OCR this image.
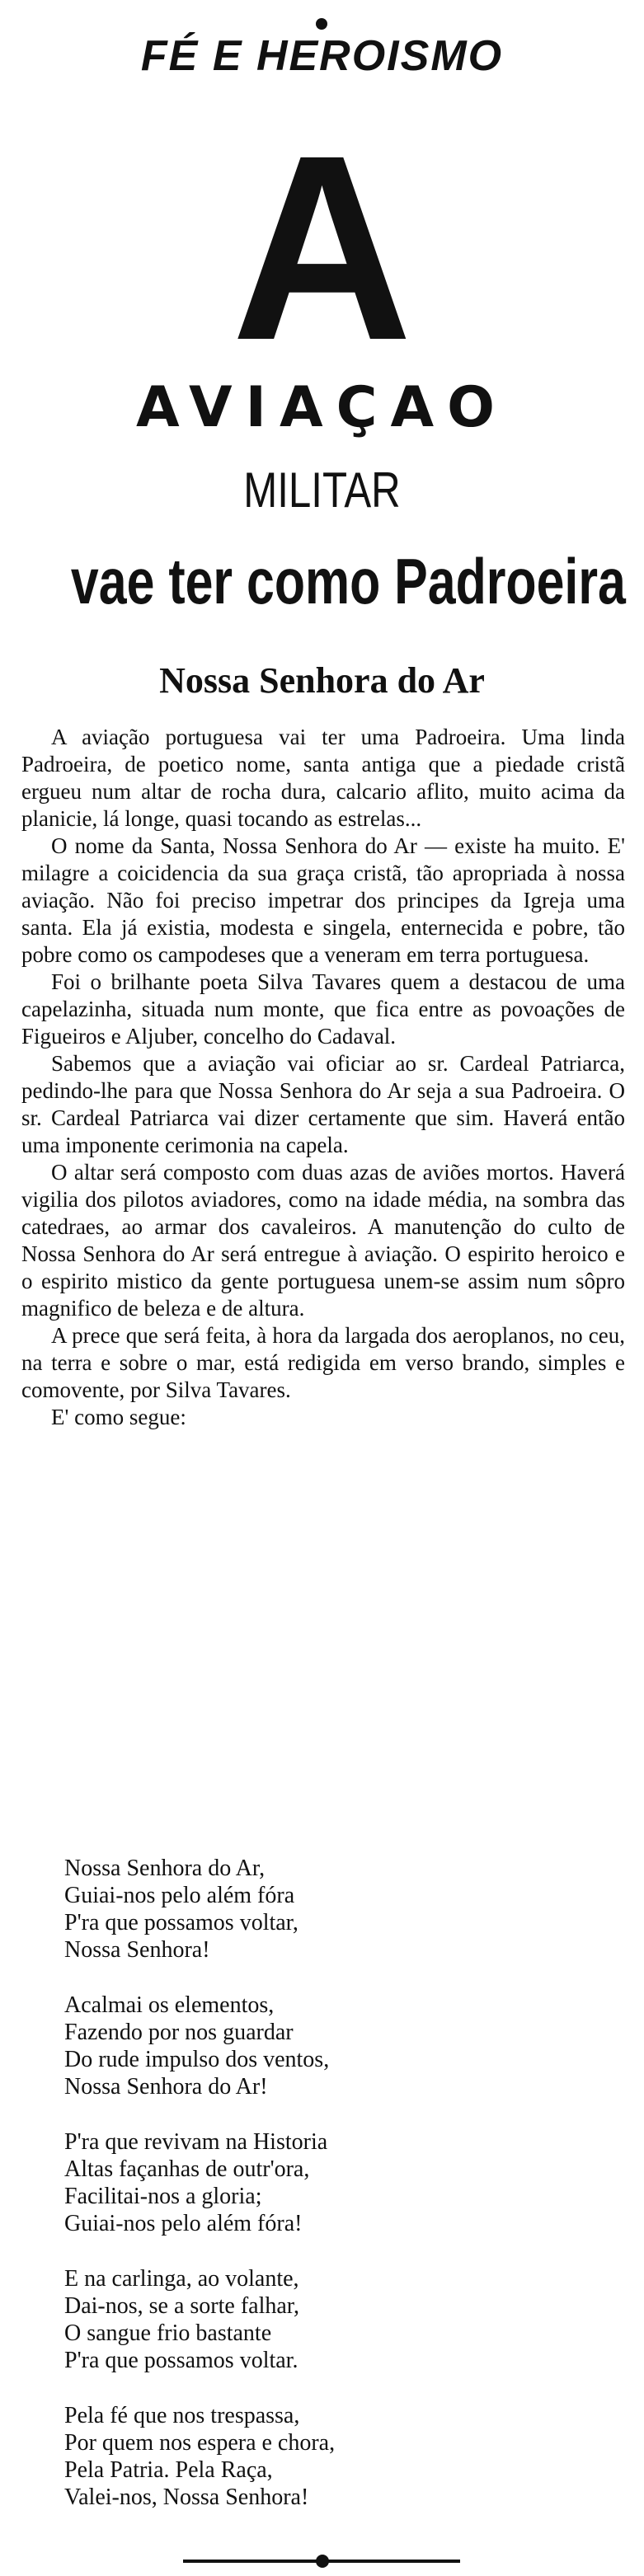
FÉ E HEROISMO
A
AVIAÇAO
MILITAR
vae ter como Padroeira
Nossa Senhora do Ar

A aviação portuguesa vai ter uma Padroeira. Uma linda Padroeira, de poetico nome, santa antiga que a piedade cristã ergueu num altar de rocha dura, calcario aflito, muito acima da planicie, lá longe, quasi tocando as estrelas...

O nome da Santa, Nossa Senhora do Ar — existe ha muito. E' milagre a coicidencia da sua graça cristã, tão apropriada à nossa aviação. Não foi preciso impetrar dos principes da Igreja uma santa. Ela já existia, modesta e singela, enternecida e pobre, tão pobre como os campodeses que a veneram em terra portuguesa.

Foi o brilhante poeta Silva Tavares quem a destacou de uma capelazinha, situada num monte, que fica entre as povoações de Figueiros e Aljuber, concelho do Cadaval.

Sabemos que a aviação vai oficiar ao sr. Cardeal Patriarca, pedindo-lhe para que Nossa Senhora do Ar seja a sua Padroeira. O sr. Cardeal Patriarca vai dizer certamente que sim. Haverá então uma imponente cerimonia na capela.

O altar será composto com duas azas de aviões mortos. Haverá vigilia dos pilotos aviadores, como na idade média, na sombra das catedraes, ao armar dos cavaleiros. A manutenção do culto de Nossa Senhora do Ar será entregue à aviação. O espirito heroico e o espirito mistico da gente portuguesa unem-se assim num sôpro magnifico de beleza e de altura.

A prece que será feita, à hora da largada dos aeroplanos, no ceu, na terra e sobre o mar, está redigida em verso brando, simples e comovente, por Silva Tavares.

E' como segue:

Nossa Senhora do Ar,
Guiai-nos pelo além fóra
P'ra que possamos voltar,
Nossa Senhora!
Acalmai os elementos,
Fazendo por nos guardar
Do rude impulso dos ventos,
Nossa Senhora do Ar!
P'ra que revivam na Historia
Altas façanhas de outr'ora,
Facilitai-nos a gloria;
Guiai-nos pelo além fóra!
E na carlinga, ao volante,
Dai-nos, se a sorte falhar,
O sangue frio bastante
P'ra que possamos voltar.
Pela fé que nos trespassa,
Por quem nos espera e chora,
Pela Patria. Pela Raça,
Valei-nos, Nossa Senhora!
